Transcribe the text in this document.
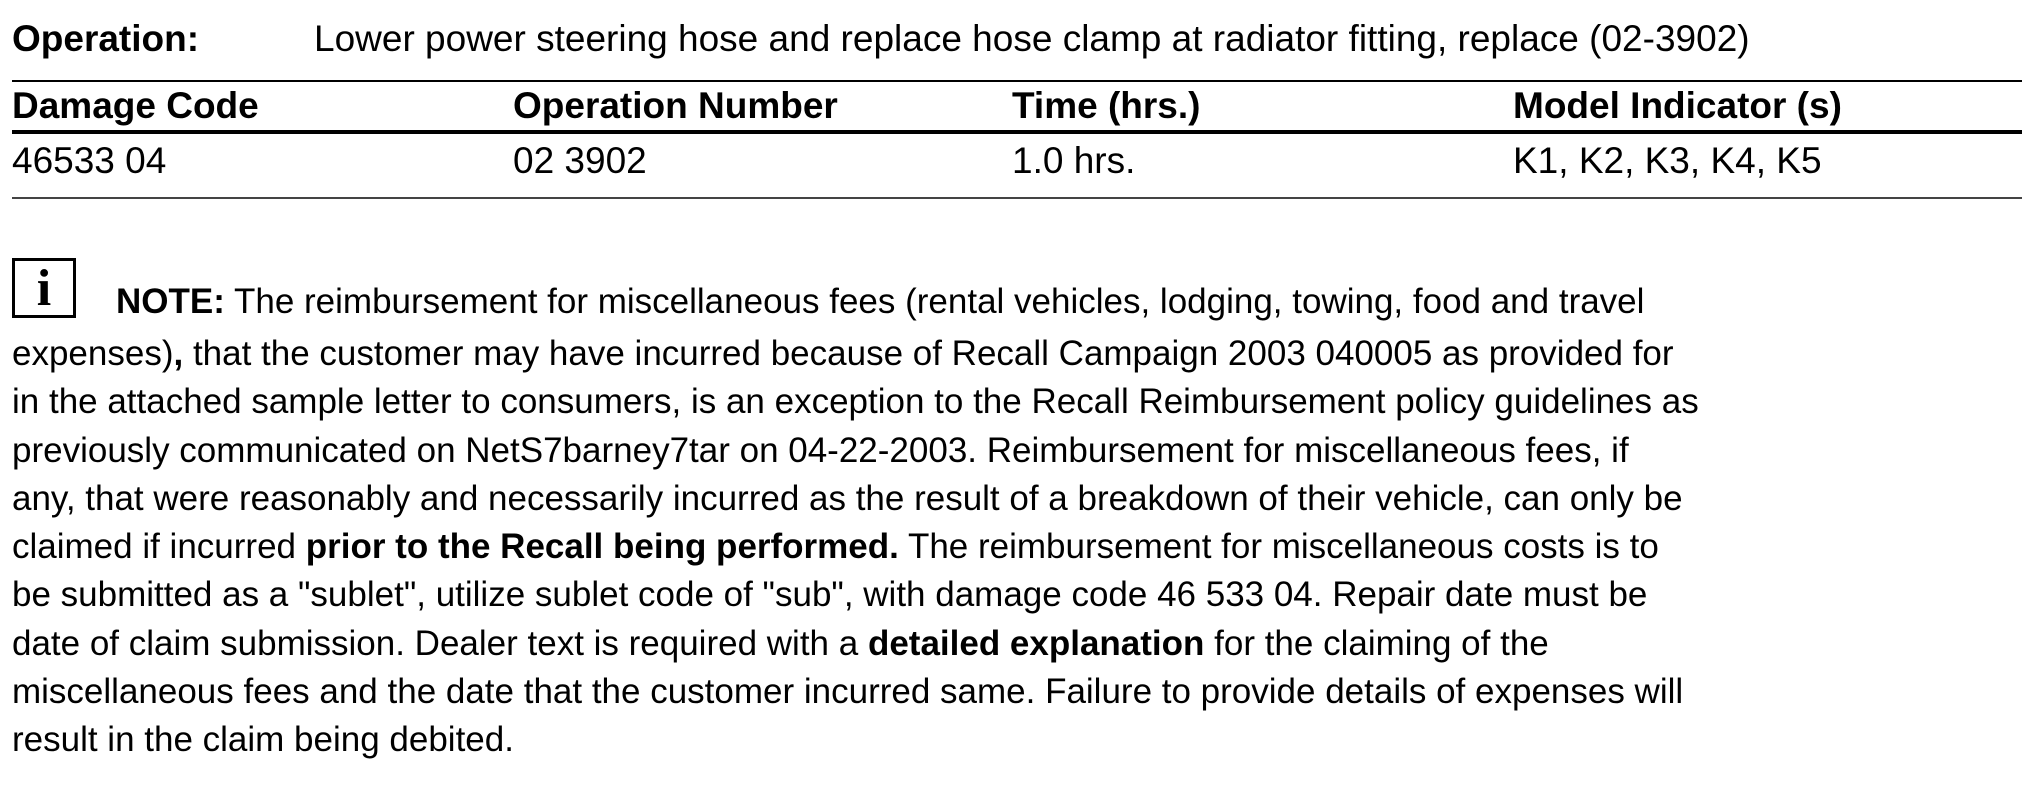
Operation:	Lower power steering hose and replace hose clamp at radiator fitting, replace (02-3902)
Damage Code	Operation Number	Time (hrs.)	Model Indicator (s)
46533 04	02 3902	1.0 hrs.	K1, K2, K3, K4, K5
i	NOTE: The reimbursement for miscellaneous fees (rental vehicles, lodging, towing, food and travel
expenses), that the customer may have incurred because of Recall Campaign 2003 040005 as provided for
in the attached sample letter to consumers, is an exception to the Recall Reimbursement policy guidelines as
previously communicated on NetS7barney7tar on 04-22-2003. Reimbursement for miscellaneous fees, if
any, that were reasonably and necessarily incurred as the result of a breakdown of their vehicle, can only be
claimed if incurred prior to the Recall being performed. The reimbursement for miscellaneous costs is to
be submitted as a "sublet", utilize sublet code of "sub", with damage code 46 533 04. Repair date must be
date of claim submission. Dealer text is required with a detailed explanation for the claiming of the
miscellaneous fees and the date that the customer incurred same. Failure to provide details of expenses will
result in the claim being debited.
